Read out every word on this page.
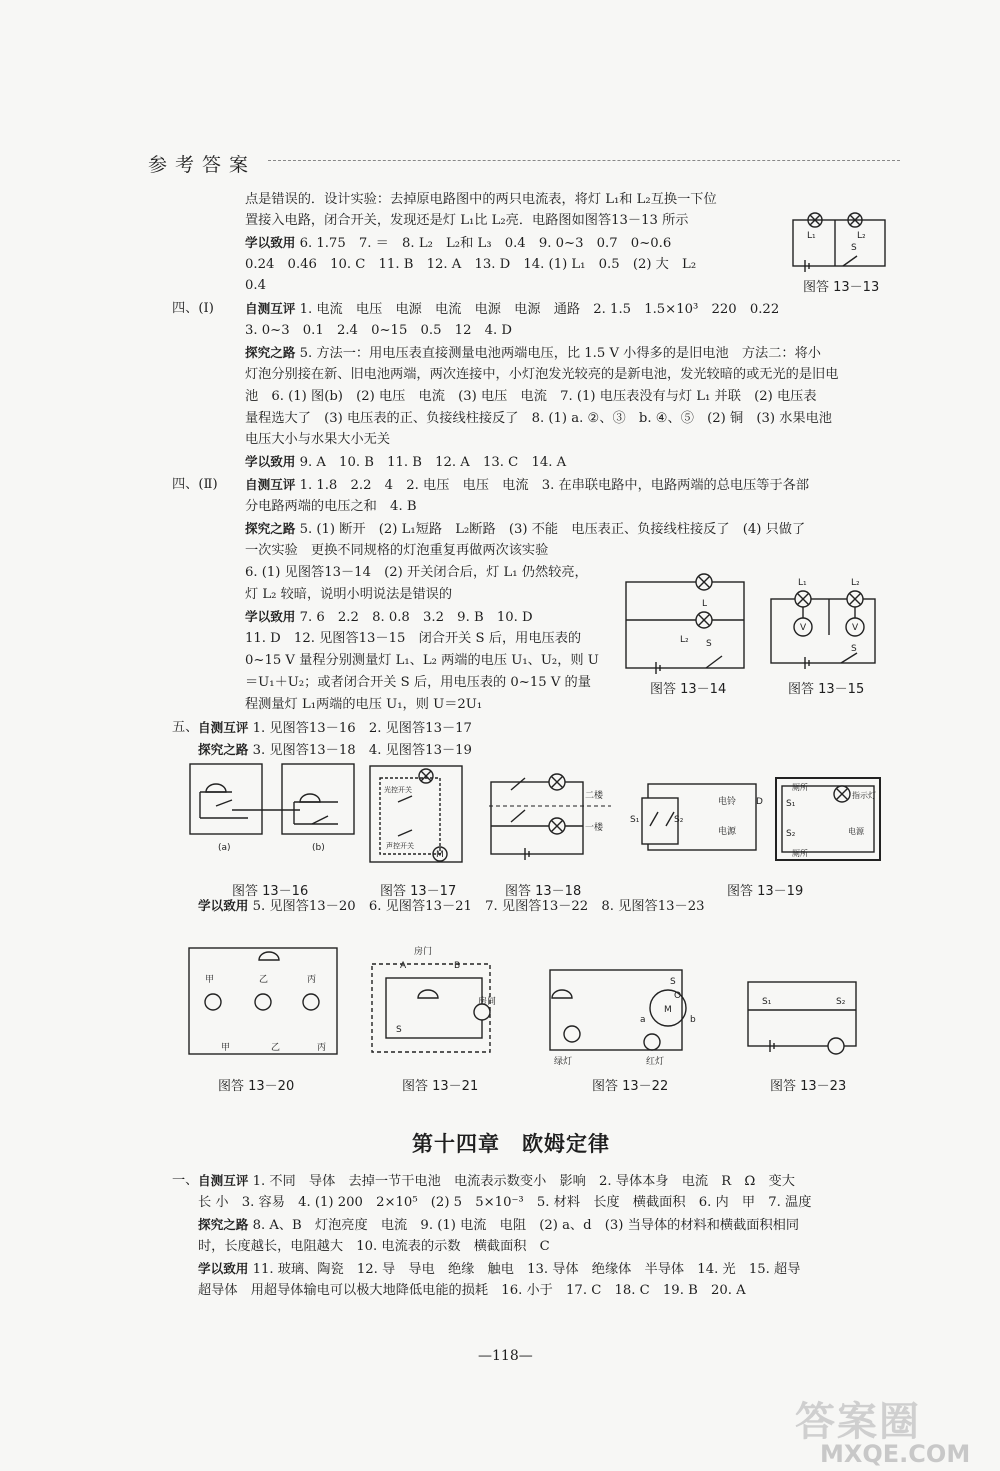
参考答案
点是错误的．设计实验：去掉原电路图中的两只电流表，将灯 L₁和 L₂互换一下位
置接入电路，闭合开关，发现还是灯 L₁比 L₂亮．电路图如图答13－13 所示
学以致用 6. 1.75　7. ＝　8. L₂　L₂和 L₃　0.4　9. 0~3　0.7　0~0.6
0.24　0.46　10. C　11. B　12. A　13. D　14. (1) L₁　0.5　(2) 大　L₂
0.4
四、(Ⅰ) 自测互评 1. 电流　电压　电源　电流　电源　电源　通路　2. 1.5　1.5×10³　220　0.22
3. 0~3　0.1　2.4　0~15　0.5　12　4. D
探究之路 5. 方法一：用电压表直接测量电池两端电压，比 1.5 V 小得多的是旧电池　方法二：将小
灯泡分别接在新、旧电池两端，两次连接中，小灯泡发光较亮的是新电池，发光较暗的或无光的是旧电
池　6. (1) 图(b)　(2) 电压　电流　(3) 电压　电流　7. (1) 电压表没有与灯 L₁ 并联　(2) 电压表
量程选大了　(3) 电压表的正、负接线柱接反了　8. (1) a. ②、③　b. ④、⑤　(2) 铜　(3) 水果电池
电压大小与水果大小无关
学以致用 9. A　10. B　11. B　12. A　13. C　14. A
四、(Ⅱ) 自测互评 1. 1.8　2.2　4　2. 电压　电压　电流　3. 在串联电路中，电路两端的总电压等于各部
分电路两端的电压之和　4. B
探究之路 5. (1) 断开　(2) L₁短路　L₂断路　(3) 不能　电压表正、负接线柱接反了　(4) 只做了
一次实验　更换不同规格的灯泡重复再做两次该实验
6. (1) 见图答13－14　(2) 开关闭合后，灯 L₁ 仍然较亮，
灯 L₂ 较暗，说明小明说法是错误的
学以致用 7. 6　2.2　8. 0.8　3.2　9. B　10. D
11. D　12. 见图答13－15　闭合开关 S 后，用电压表的
0~15 V 量程分别测量灯 L₁、L₂ 两端的电压 U₁、U₂，则 U
＝U₁＋U₂；或者闭合开关 S 后，用电压表的 0~15 V 的量
程测量灯 L₁两端的电压 U₁，则 U＝2U₁
五、 自测互评 1. 见图答13－16　2. 见图答13－17
探究之路 3. 见图答13－18　4. 见图答13－19
学以致用 5. 见图答13－20　6. 见图答13－21　7. 见图答13－22　8. 见图答13－23
一、 自测互评 1. 不同　导体　去掉一节干电池　电流表示数变小　影响　2. 导体本身　电流　R　Ω　变大
长 小　3. 容易　4. (1) 200　2×10⁵　(2) 5　5×10⁻³　5. 材料　长度　横截面积　6. 内　甲　7. 温度
探究之路 8. A、B　灯泡亮度　电流　9. (1) 电流　电阻　(2) a、d　(3) 当导体的材料和横截面积相同
时，长度越长，电阻越大　10. 电流表的示数　横截面积　C
学以致用 11. 玻璃、陶瓷　12. 导　导电　绝缘　触电　13. 导体　绝缘体　半导体　14. 光　15. 超导
超导体　用超导体输电可以极大地降低电能的损耗　16. 小于　17. C　18. C　19. B　20. A
L₁	L₂
S
图答 13－13
L
L₂ S
图答 13－14
V	V
L₁	L₂
S
图答 13－15
(a)	(b)
图答 13－16
M
光控开关
声控开关
图答 13－17
二楼
一楼
图答 13－18
S₁	S₂
电铃 D
电源
厕所
指示灯
电源
厕所
S₁
S₂
图答 13－19
甲	乙	丙
甲	乙	丙
图答 13－20
房门
A	B
房间
S
图答 13－21
S
O
a	b
M
绿灯	红灯
图答 13－22
S₁	S₂
图答 13－23
第十四章　欧姆定律
—118—
答案圈
MXQE.COM
